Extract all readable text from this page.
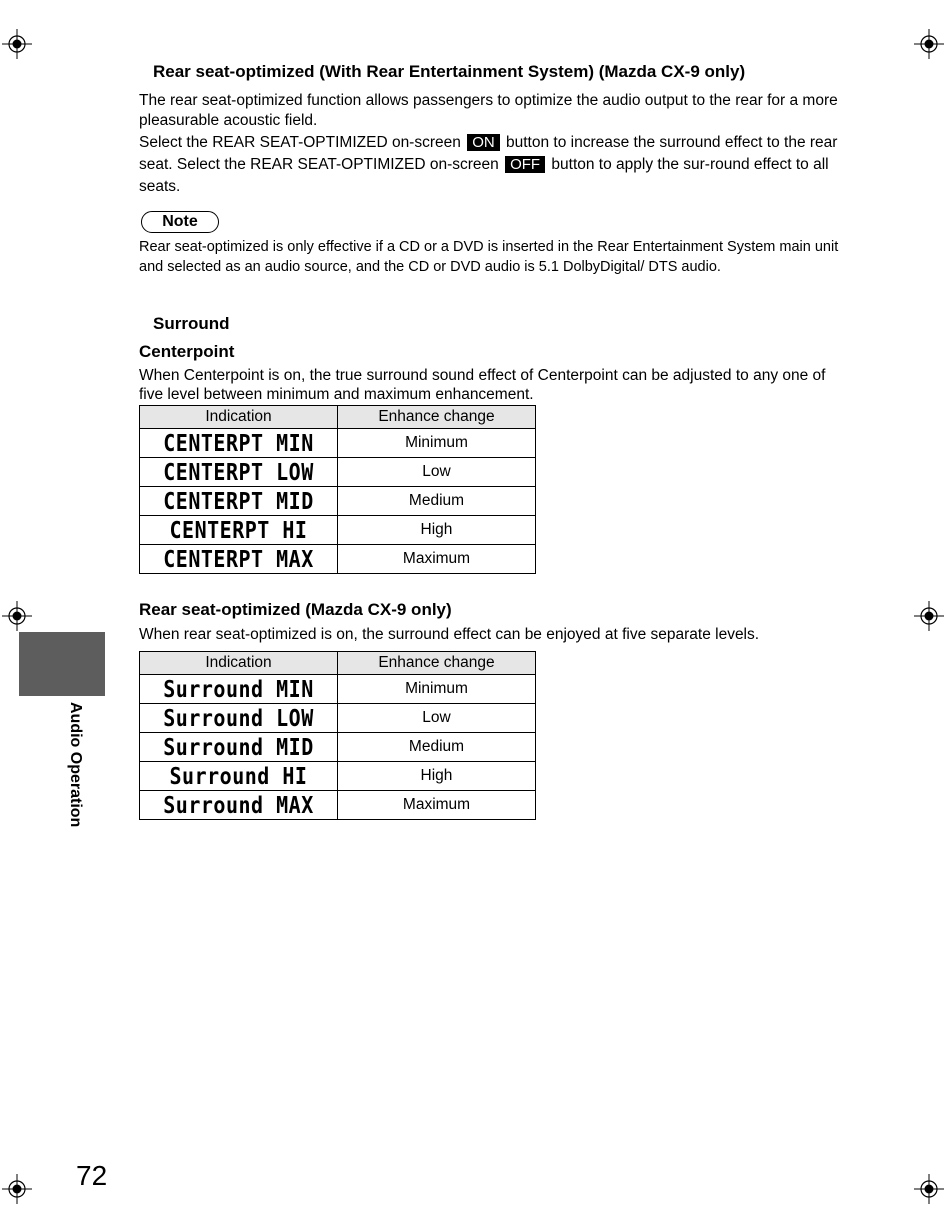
Rear seat-optimized (With Rear Entertainment System) (Mazda CX-9 only)
The rear seat-optimized function allows passengers to optimize the audio output to the rear for a more pleasurable acoustic field.
Select the REAR SEAT-OPTIMIZED on-screen ON button to increase the surround effect to the rear seat. Select the REAR SEAT-OPTIMIZED on-screen OFF button to apply the sur-round effect to all seats.
Note
Rear seat-optimized is only effective if a CD or a DVD is inserted in the Rear Entertainment System main unit and selected as an audio source, and the CD or DVD audio is 5.1 DolbyDigital/ DTS audio.
Surround
Centerpoint
When Centerpoint is on, the true surround sound effect of Centerpoint can be adjusted to any one of five level between minimum and maximum enhancement.
Indication	Enhance change
CENTERPT MIN	Minimum
CENTERPT LOW	Low
CENTERPT MID	Medium
CENTERPT HI	High
CENTERPT MAX	Maximum
Rear seat-optimized (Mazda CX-9 only)
When rear seat-optimized is on, the surround effect can be enjoyed at five separate levels.
Indication	Enhance change
Surround MIN	Minimum
Surround LOW	Low
Surround MID	Medium
Surround HI	High
Surround MAX	Maximum
Audio Operation
72
